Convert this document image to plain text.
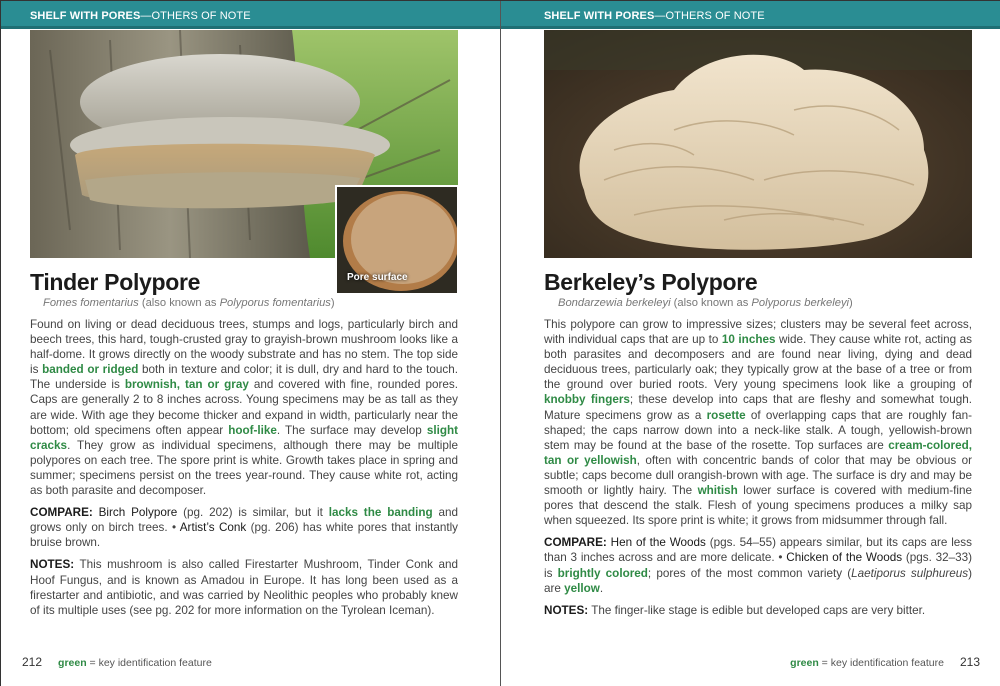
SHELF WITH PORES—OTHERS OF NOTE
Pore surface
Tinder Polypore
Fomes fomentarius (also known as Polyporus fomentarius)

Found on living or dead deciduous trees, stumps and logs, particularly birch and beech trees, this hard, tough-crusted gray to grayish-brown mushroom looks like a half-dome. It grows directly on the woody substrate and has no stem. The top side is banded or ridged both in texture and color; it is dull, dry and hard to the touch. The underside is brownish, tan or gray and covered with fine, rounded pores. Caps are generally 2 to 8 inches across. Young specimens may be as tall as they are wide. With age they become thicker and expand in width, particularly near the bottom; old specimens often appear hoof-like. The surface may develop slight cracks. They grow as individual specimens, although there may be multiple polypores on each tree. The spore print is white. Growth takes place in spring and summer; specimens persist on the trees year-round. They cause white rot, acting as both parasite and decomposer.

COMPARE: Birch Polypore (pg. 202) is similar, but it lacks the banding and grows only on birch trees. • Artist’s Conk (pg. 206) has white pores that instantly bruise brown.

NOTES: This mushroom is also called Firestarter Mushroom, Tinder Conk and Hoof Fungus, and is known as Amadou in Europe. It has long been used as a firestarter and antibiotic, and was carried by Neolithic peoples who probably knew of its multiple uses (see pg. 202 for more information on the Tyrolean Iceman).

212 green = key identification feature
SHELF WITH PORES—OTHERS OF NOTE
Berkeley’s Polypore
Bondarzewia berkeleyi (also known as Polyporus berkeleyi)

This polypore can grow to impressive sizes; clusters may be several feet across, with individual caps that are up to 10 inches wide. They cause white rot, acting as both parasites and decomposers and are found near living, dying and dead deciduous trees, particularly oak; they typically grow at the base of a tree or from the ground over buried roots. Very young specimens look like a grouping of knobby fingers; these develop into caps that are fleshy and somewhat tough. Mature specimens grow as a rosette of overlapping caps that are roughly fan-shaped; the caps narrow down into a neck-like stalk. A tough, yellowish-brown stem may be found at the base of the rosette. Top surfaces are cream-colored, tan or yellowish, often with concentric bands of color that may be obvious or subtle; caps become dull orangish-brown with age. The surface is dry and may be smooth or lightly hairy. The whitish lower surface is covered with medium-fine pores that descend the stalk. Flesh of young specimens produces a milky sap when squeezed. Its spore print is white; it grows from midsummer through fall.

COMPARE: Hen of the Woods (pgs. 54–55) appears similar, but its caps are less than 3 inches across and are more delicate. • Chicken of the Woods (pgs. 32–33) is brightly colored; pores of the most common variety (Laetiporus sulphureus) are yellow.

NOTES: The finger-like stage is edible but developed caps are very bitter.

green = key identification feature 213
